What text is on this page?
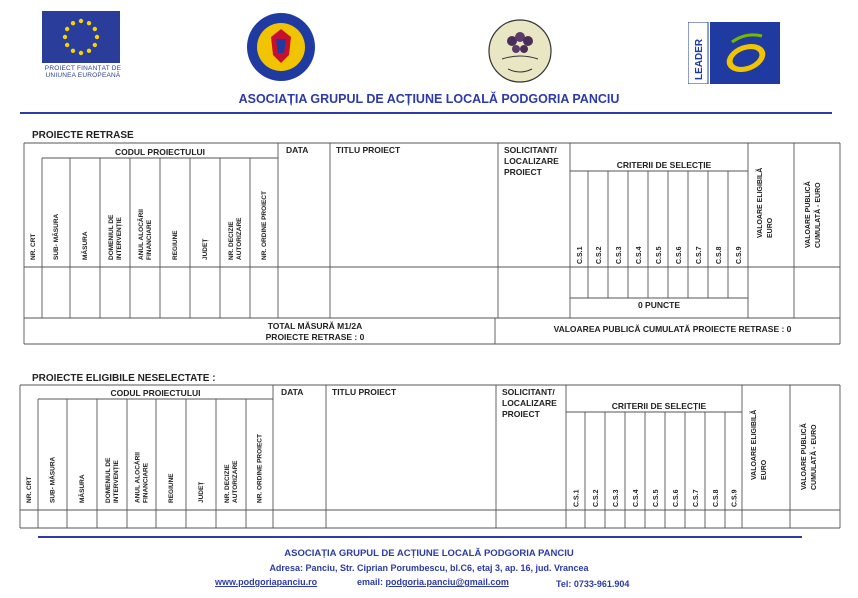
PROIECT FINANȚAT DE UNIUNEA EUROPEANĂ	LEADER
ASOCIAȚIA GRUPUL DE ACȚIUNE LOCALĂ PODGORIA PANCIU
PROIECTE RETRASE
CODUL PROIECTULUI
NR. CRT	SUB- MĂSURA	MĂSURA	DOMENIUL DE INTERVENȚIE	ANUL ALOCĂRII FINANCIARE	REGIUNE	JUDEȚ	NR. DECIZIE AUTORIZARE	NR. ORDINE PROIECT
DATA	TITLU PROIECT	SOLICITANT/
LOCALIZARE
PROIECT
CRITERII DE SELECȚIE
C.S.1 C.S.2 C.S.3 C.S.4 C.S.5 C.S.6 C.S.7 C.S.8 C.S.9
VALOARE ELIGIBILĂ EURO	VALOARE PUBLICĂ CUMULATĂ - EURO
0 PUNCTE
TOTAL MĂSURĂ M1/2A
PROIECTE RETRASE : 0
VALOAREA PUBLICĂ CUMULATĂ PROIECTE RETRASE : 0
PROIECTE ELIGIBILE NESELECTATE :
CODUL PROIECTULUI
NR. CRT	SUB- MĂSURA	MĂSURA	DOMENIUL DE INTERVENȚIE	ANUL ALOCĂRII FINANCIARE	REGIUNE	JUDEȚ	NR. DECIZIE AUTORIZARE	NR. ORDINE PROIECT
DATA	TITLU PROIECT	SOLICITANT/
LOCALIZARE
PROIECT
CRITERII DE SELECȚIE
C.S.1 C.S.2 C.S.3 C.S.4 C.S.5 C.S.6 C.S.7 C.S.8 C.S.9
VALOARE ELIGIBILĂ EURO	VALOARE PUBLICĂ CUMULATĂ - EURO
ASOCIAȚIA GRUPUL DE ACȚIUNE LOCALĂ PODGORIA PANCIU
Adresa: Panciu, Str. Ciprian Porumbescu, bl.C6, etaj 3, ap. 16, jud. Vrancea
www.podgoriapanciu.ro	email: podgoria.panciu@gmail.com	Tel: 0733-961.904
